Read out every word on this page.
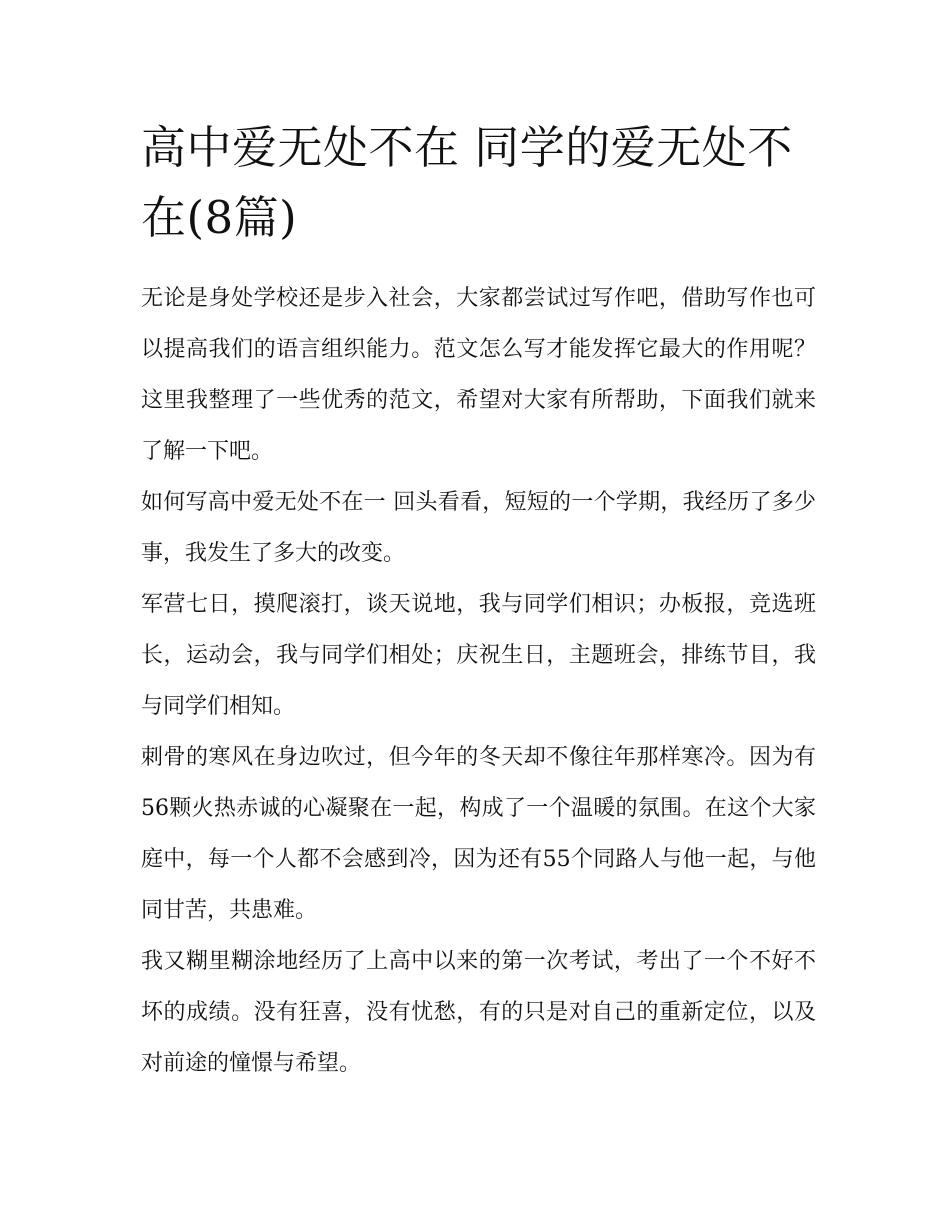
高中爱无处不在 同学的爱无处不在(8篇)

无论是身处学校还是步入社会，大家都尝试过写作吧，借助写作也可以提高我们的语言组织能力。范文怎么写才能发挥它最大的作用呢？这里我整理了一些优秀的范文，希望对大家有所帮助，下面我们就来了解一下吧。

如何写高中爱无处不在一 回头看看，短短的一个学期，我经历了多少事，我发生了多大的改变。

军营七日，摸爬滚打，谈天说地，我与同学们相识；办板报，竞选班长，运动会，我与同学们相处；庆祝生日，主题班会，排练节目，我与同学们相知。

刺骨的寒风在身边吹过，但今年的冬天却不像往年那样寒冷。因为有56颗火热赤诚的心凝聚在一起，构成了一个温暖的氛围。在这个大家庭中，每一个人都不会感到冷，因为还有55个同路人与他一起，与他同甘苦，共患难。

我又糊里糊涂地经历了上高中以来的第一次考试，考出了一个不好不坏的成绩。没有狂喜，没有忧愁，有的只是对自己的重新定位，以及对前途的憧憬与希望。
